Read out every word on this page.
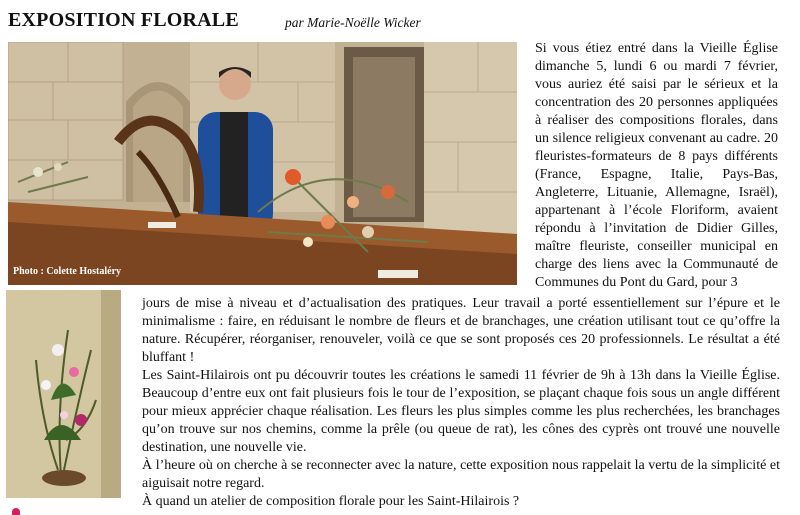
EXPOSITION FLORALE	par Marie-Noëlle Wicker
Photo : Colette Hostaléry

Si vous étiez entré dans la Vieille Église dimanche 5, lundi 6 ou mardi 7 février, vous auriez été saisi par le sérieux et la concentration des 20 personnes appliquées à réaliser des compositions florales, dans un silence religieux convenant au cadre. 20 fleuristes-formateurs de 8 pays différents (France, Espagne, Italie, Pays-Bas, Angleterre, Lituanie, Allemagne, Israël), appartenant à l’école Floriform, avaient répondu à l’invitation de Didier Gilles, maître fleuriste, conseiller municipal en charge des liens avec la Communauté de Communes du Pont du Gard, pour 3

jours de mise à niveau et d’actualisation des pratiques. Leur travail a porté essentiellement sur l’épure et le minimalisme : faire, en réduisant le nombre de fleurs et de branchages, une création utilisant tout ce qu’offre la nature. Récupérer, réorganiser, renouveler, voilà ce que se sont proposés ces 20 professionnels. Le résultat a été bluffant !

Les Saint-Hilairois ont pu découvrir toutes les créations le samedi 11 février de 9h à 13h dans la Vieille Église. Beaucoup d’entre eux ont fait plusieurs fois le tour de l’exposition, se plaçant chaque fois sous un angle différent pour mieux apprécier chaque réalisation. Les fleurs les plus simples comme les plus recherchées, les branchages qu’on trouve sur nos chemins, comme la prêle (ou queue de rat), les cônes des cyprès ont trouvé une nouvelle destination, une nouvelle vie.

À l’heure où on cherche à se reconnecter avec la nature, cette exposition nous rappelait la vertu de la simplicité et aiguisait notre regard.

À quand un atelier de composition florale pour les Saint-Hilairois ?
